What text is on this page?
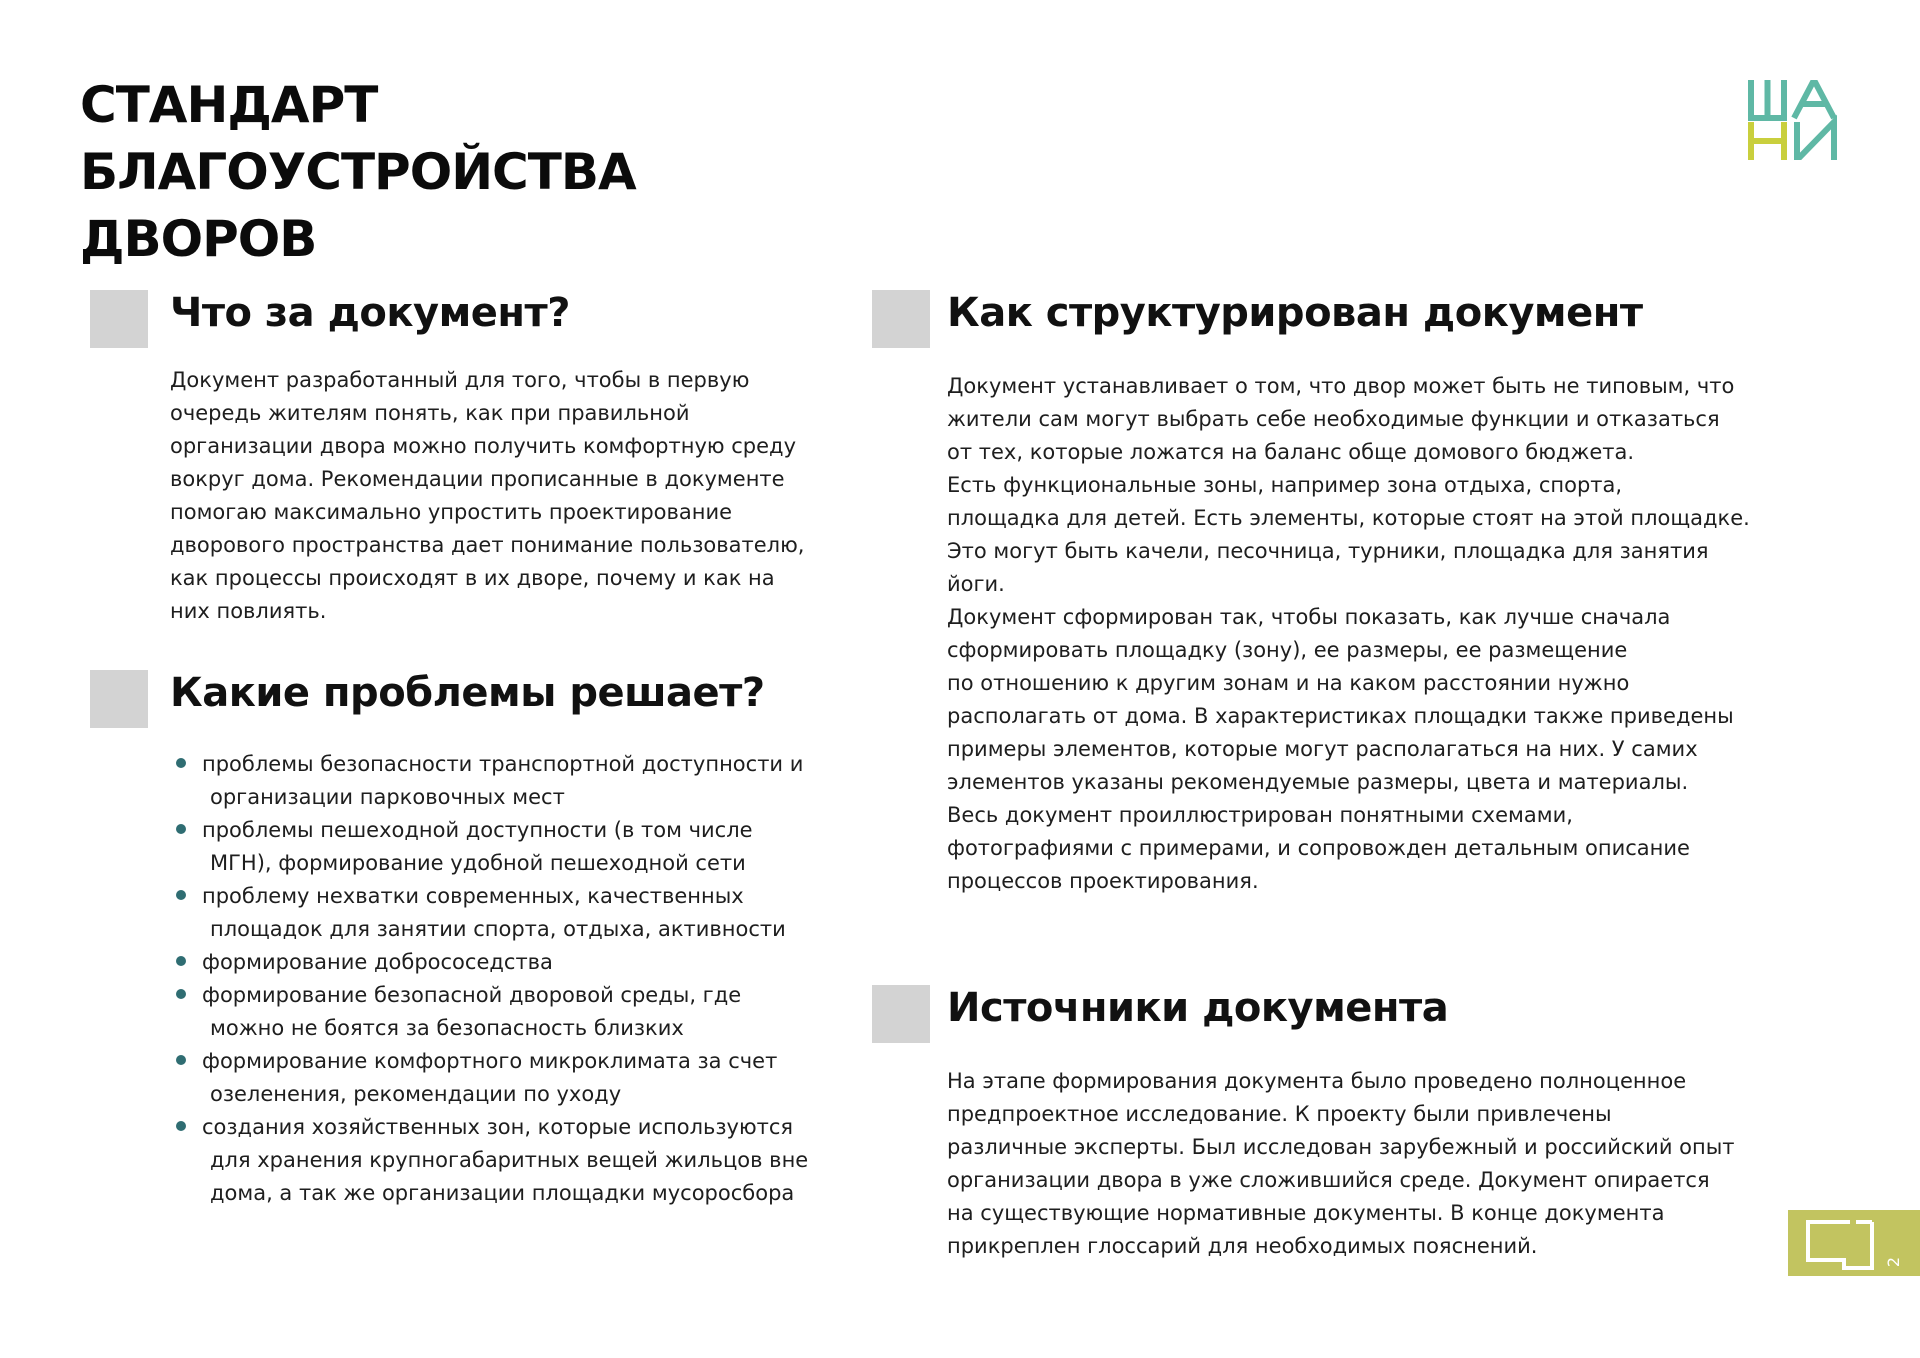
СТАНДАРТ
БЛАГОУСТРОЙСТВА
ДВОРОВ
Что за документ?

Документ разработанный для того, чтобы в первую
очередь жителям понять, как при правильной
организации двора можно получить комфортную среду
вокруг дома. Рекомендации прописанные в документе
помогаю максимально упростить проектирование
дворового пространства дает понимание пользователю,
как процессы происходят в их дворе, почему и как на
них повлиять.

Какие проблемы решает?
проблемы безопасности транспортной доступности и
организации парковочных мест
проблемы пешеходной доступности (в том числе
МГН), формирование удобной пешеходной сети
проблему нехватки современных, качественных
площадок для занятии спорта, отдыха, активности
формирование добрососедства
формирование безопасной дворовой среды, где
можно не боятся за безопасность близких
формирование комфортного микроклимата за счет
озеленения, рекомендации по уходу
создания хозяйственных зон, которые используются
для хранения крупногабаритных вещей жильцов вне
дома, а так же организации площадки мусоросбора
Как структурирован документ

Документ устанавливает о том, что двор может быть не типовым, что
жители сам могут выбрать себе необходимые функции и отказаться
от тех, которые ложатся на баланс обще домового бюджета.
Есть функциональные зоны, например зона отдыха, спорта,
площадка для детей. Есть элементы, которые стоят на этой площадке.
Это могут быть качели, песочница, турники, площадка для занятия
йоги.
Документ сформирован так, чтобы показать, как лучше сначала
сформировать площадку (зону), ее размеры, ее размещение
по отношению к другим зонам и на каком расстоянии нужно
располагать от дома. В характеристиках площадки также приведены
примеры элементов, которые могут располагаться на них. У самих
элементов указаны рекомендуемые размеры, цвета и материалы.
Весь документ проиллюстрирован понятными схемами,
фотографиями с примерами, и сопровожден детальным описание
процессов проектирования.

Источники документа

На этапе формирования документа было проведено полноценное
предпроектное исследование. К проекту были привлечены
различные эксперты. Был исследован зарубежный и российский опыт
организации двора в уже сложившийся среде. Документ опирается
на существующие нормативные документы. В конце документа
прикреплен глоссарий для необходимых пояснений.

2
